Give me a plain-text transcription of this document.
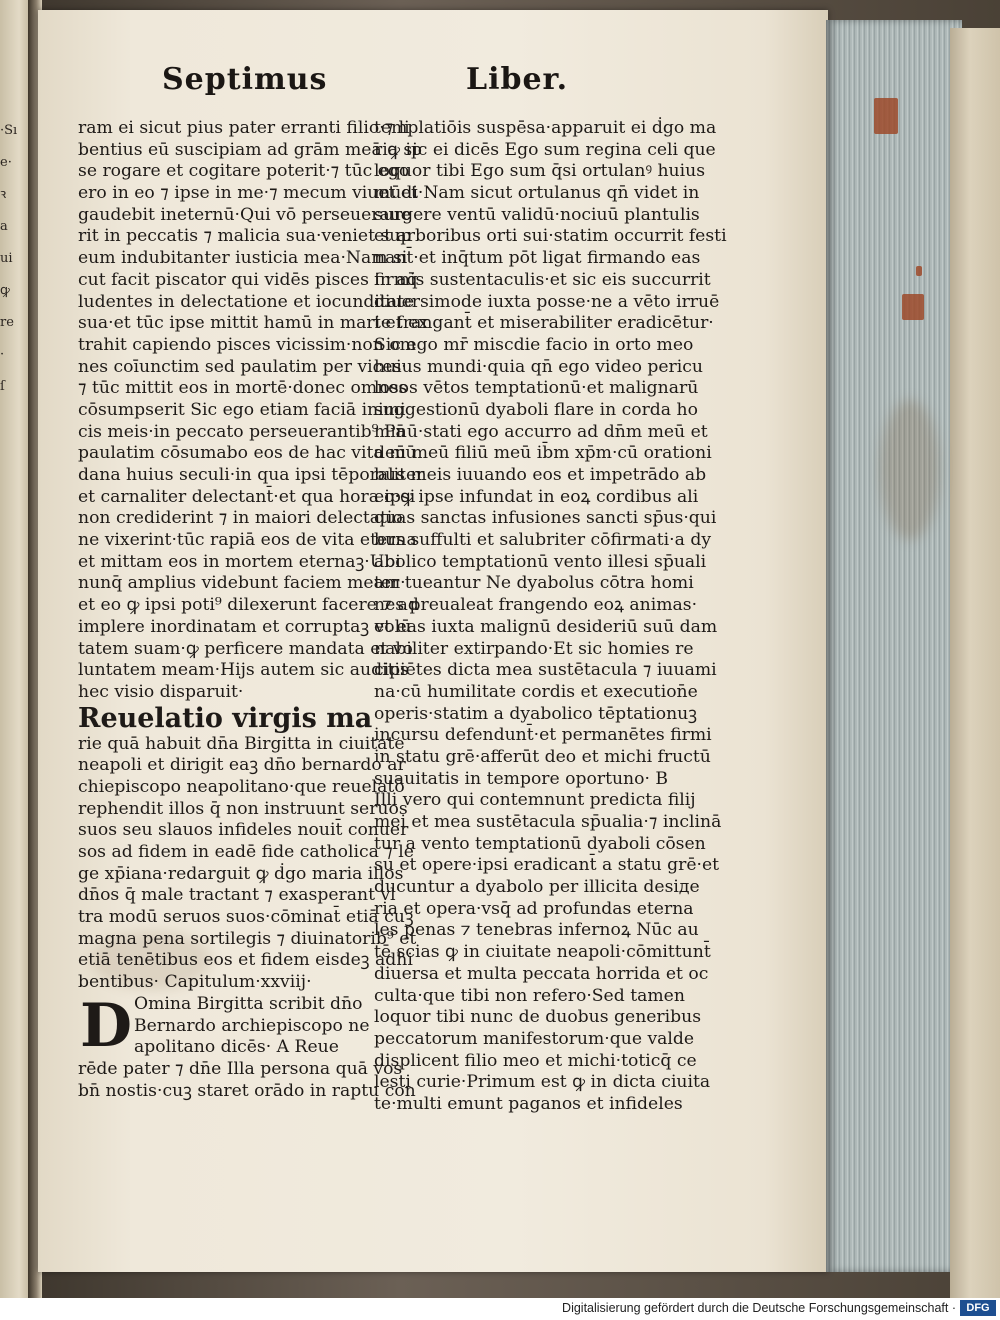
·Sı
e·
ꝛ
a
ui
ꝙ
re
·
ſ
Septimus	Liber.
ram ei sicut pius pater erranti filio·⁊ li
bentius eū suscipiam ad grām meā ꝙ ip
se rogare et cogitare poterit·⁊ tūc ego
ero in eo ⁊ ipse in me·⁊ mecum viuet et
gaudebit ineternū·Qui vō perseuerauе
rit in peccatis ⁊ malicia sua·veniet sup
eum indubitanter iusticia mea·Nam si
cut facit piscator qui vidēs pisces in aq̄
ludentes in delectatione et iocunditate
sua·et tūc ipse mittit hamū in mari·et ex
trahit capiendo pisces vicissim·non om
nes coīunctim sed paulatim per vices·
⁊ tūc mittit eos in mortē·donec omnes
cōsumpserit Sic ego etiam faciā inimi
cis meis·in peccato perseuerantib⁹ Pā
paulatim cōsumabo eos de hac vita mū
dana huius seculi·in qua ipsi tēporaliter
et carnaliter delectant̄·et qua hora ipsi
non crediderint ⁊ in maiori delectatio
ne vixerint·tūc rapiā eos de vita eterna
et mittam eos in mortem eternaꝫ·Ubi
nunq̄ amplius videbunt faciem meam·
et eo ꝙ ipsi poti⁹ dilexerunt facere ⁊ ad
implere inordinatam et corruptaꝫ volū
tatem suam·ꝙ perficere mandata et vo
luntatem meam·Hijs autem sic auditis
hec visio disparuit·
Reuelatio virgis ma
rie quā habuit dn̄a Birgitta in ciuitate
neapoli et dirigit eaꝫ dn̄o bernardo ar
chiepiscopo neapolitano·que reuelatō
rephendit illos q̄ non instruunt seruos
suos seu slauos infideles nouit̄ conuer
sos ad fidem in eadē fide catholica ⁊ le
ge xp̄iana·redarguit ꝙ ḋgo maria illos
dn̄os q̄ male tractant ⁊ exasperant vl
tra modū seruos suos·cōminat̄ etiā cuꝫ
magna pena sortilegis ⁊ diuinatorib⁹ et
etiā tenētibus eos et fidem eisdeꝫ adhi
bentibus· Capitulum·xxviij·
D Omina Birgitta scribit dn̄o
Bernardo archiepiscopo ne
apolitano dicēs· A Reue
rēde pater ⁊ dn̄e Illa persona quā vos
bn̄ nostis·cuꝫ staret orādo in raptu con
templatiōis suspēsa·apparuit ei ḋgo ma
ria sic ei dicēs Ego sum regina celi que
loquor tibi Ego sum q̄si ortulanꝰ huius
mūdi·Nam sicut ortulanus qn̄ videt in
surgere ventū validū·nociuū plantulis
et arboribus orti sui·statim occurrit festi
nant̄·et inq̄tum pōt ligat firmando eas
firmis sustentaculis·et sic eis succurrit
diuersimode iuxta posse·ne a vēto irruē
te frangant̄ et miserabiliter eradicētur·
Sic ego mr̄ miscdie facio in orto meo
huius mundi·quia qn̄ ego video pericu
losos vētos temptationū·et malignarū
suggestionū dyaboli flare in corda ho
minū·stati ego accurro ad dn̄m meū et
deū meū filiū meū ib̄m xp̄m·cū orationi
bus meis iuuando eos et impetrādo ab
eo·ꝙ ipse infundat in eoꝝ cordibus ali
quas sanctas infusiones sancti sp̄us·qui
bus suffulti et salubriter cōfirmati·a dy
abolico temptationū vento illesi sp̄uali
ter tueantur Ne dyabolus cōtra homi
nes preualeat frangendo eoꝝ animas·
et eas iuxta malignū desideriū suū dam
nabiliter extirpando·Et sic homies re
cipiētes dicta mea sustētacula ⁊ iuuami
na·cū humilitate cordis et execution̄e
operis·statim a dyabolico tēptationuꝫ
incursu defendunt̄·et permanētes firmi
in statu grē·afferūt deo et michi fructū
suauitatis in tempore oportuno· B
Illi vero qui contemnunt predicta filij
mei et mea sustētacula sp̄ualia·⁊ inclinā
tur a vento temptationū dyaboli cōsen
su et opere·ipsi eradicant̄ a statu grē·et
ducuntur a dyabolo per illicita desiде
ria et opera·vsq̄ ad profundas eterna
les penas ⁊ tenebras infernoꝝ Nūc au
tē scias ꝙ in ciuitate neapoli·cōmittunt̄
diuersa et multa peccata horrida et oc
culta·que tibi non refero·Sed tamen
loquor tibi nunc de duobus generibus
peccatorum manifestorum·que valde
displicent filio meo et michi·toticq̄ ce
lesti curie·Primum est ꝙ in dicta ciuita
te·multi emunt paganos et infideles
Digitalisierung gefördert durch die Deutsche Forschungsgemeinschaft · DFG
